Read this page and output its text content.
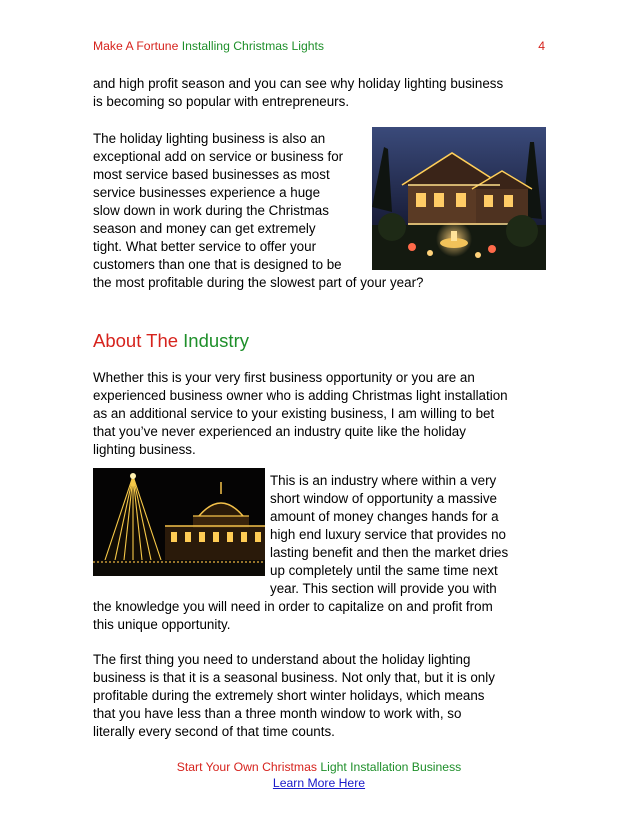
Make A Fortune Installing Christmas Lights	4
and high profit season and you can see why holiday lighting business
is becoming so popular with entrepreneurs.
The holiday lighting business is also an
exceptional add on service or business for
most service based businesses as most
service businesses experience a huge
slow down in work during the Christmas
season and money can get extremely
tight. What better service to offer your
customers than one that is designed to be
the most profitable during the slowest part of your year?
About The Industry
Whether this is your very first business opportunity or you are an
experienced business owner who is adding Christmas light installation
as an additional service to your existing business, I am willing to bet
that you’ve never experienced an industry quite like the holiday
lighting business.
This is an industry where within a very
short window of opportunity a massive
amount of money changes hands for a
high end luxury service that provides no
lasting benefit and then the market dries
up completely until the same time next
year. This section will provide you with
the knowledge you will need in order to capitalize on and profit from
this unique opportunity.
The first thing you need to understand about the holiday lighting
business is that it is a seasonal business. Not only that, but it is only
profitable during the extremely short winter holidays, which means
that you have less than a three month window to work with, so
literally every second of that time counts.
Start Your Own Christmas Light Installation Business
Learn More Here
